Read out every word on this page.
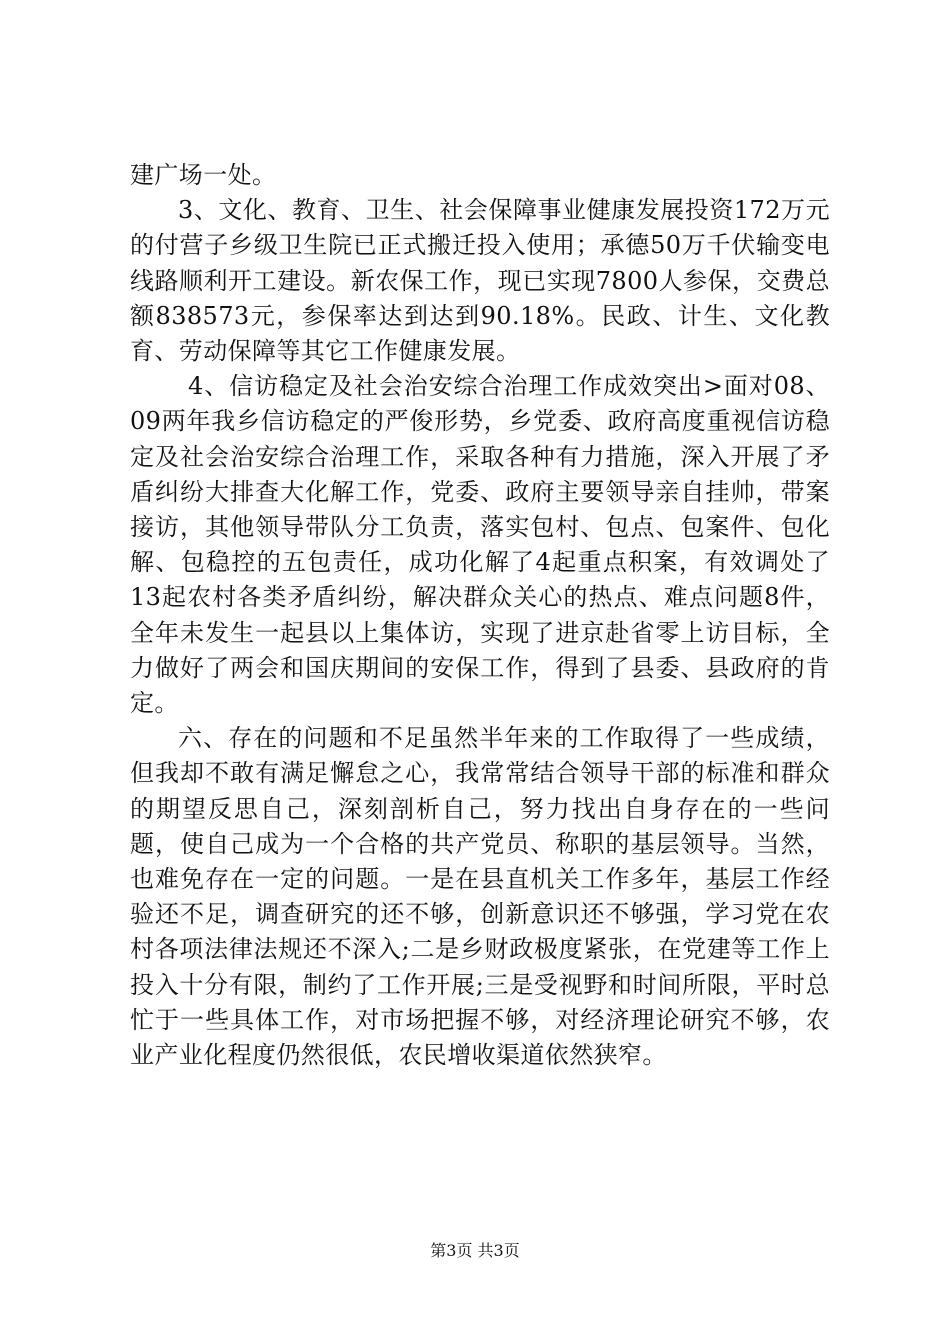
建广场一处。

3、文化、教育、卫生、社会保障事业健康发展投资172万元的付营子乡级卫生院已正式搬迁投入使用；承德50万千伏输变电线路顺利开工建设。新农保工作，现已实现7800人参保，交费总额838573元，参保率达到达到90.18%。民政、计生、文化教育、劳动保障等其它工作健康发展。

4、信访稳定及社会治安综合治理工作成效突出>面对08、09两年我乡信访稳定的严俊形势，乡党委、政府高度重视信访稳定及社会治安综合治理工作，采取各种有力措施，深入开展了矛盾纠纷大排查大化解工作，党委、政府主要领导亲自挂帅，带案接访，其他领导带队分工负责，落实包村、包点、包案件、包化解、包稳控的五包责任，成功化解了4起重点积案，有效调处了13起农村各类矛盾纠纷，解决群众关心的热点、难点问题8件，全年未发生一起县以上集体访，实现了进京赴省零上访目标，全力做好了两会和国庆期间的安保工作，得到了县委、县政府的肯定。

六、存在的问题和不足虽然半年来的工作取得了一些成绩，但我却不敢有满足懈怠之心，我常常结合领导干部的标准和群众的期望反思自己，深刻剖析自己，努力找出自身存在的一些问题，使自己成为一个合格的共产党员、称职的基层领导。当然，也难免存在一定的问题。一是在县直机关工作多年，基层工作经验还不足，调查研究的还不够，创新意识还不够强，学习党在农村各项法律法规还不深入;二是乡财政极度紧张，在党建等工作上投入十分有限，制约了工作开展;三是受视野和时间所限，平时总忙于一些具体工作，对市场把握不够，对经济理论研究不够，农业产业化程度仍然很低，农民增收渠道依然狭窄。

第3页 共3页
